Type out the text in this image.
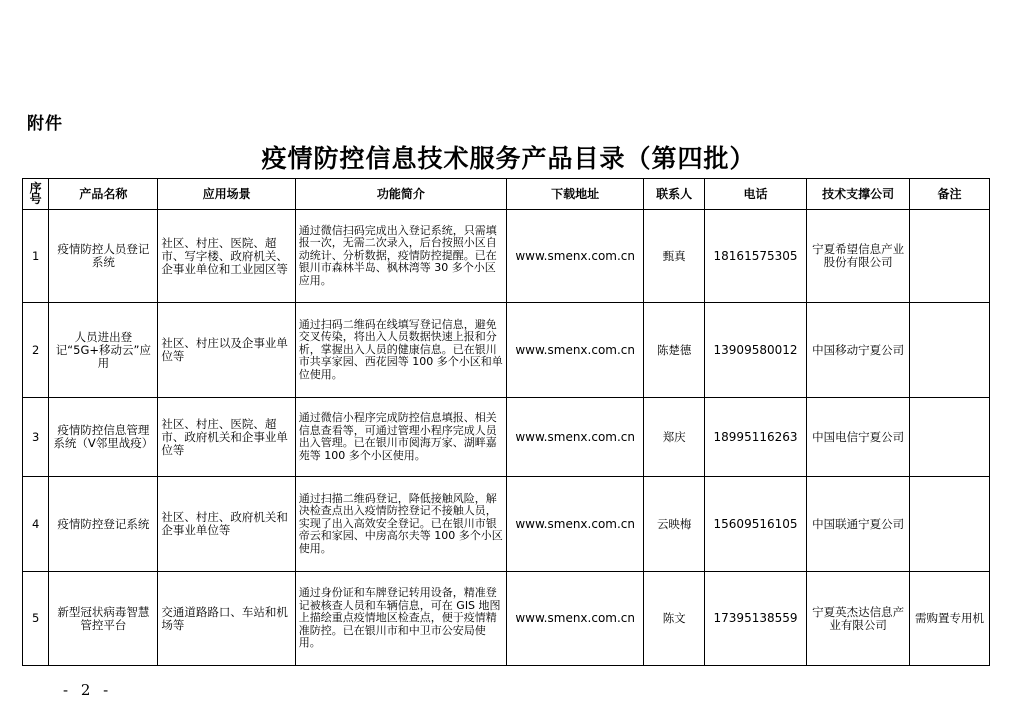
附件
疫情防控信息技术服务产品目录（第四批）
序号	产品名称	应用场景	功能简介	下载地址	联系人	电话	技术支撑公司	备注
1	疫情防控人员登记系统	社区、村庄、医院、超市、写字楼、政府机关、企事业单位和工业园区等	通过微信扫码完成出入登记系统，只需填报一次，无需二次录入，后台按照小区自动统计、分析数据，疫情防控提醒。已在银川市森林半岛、枫林湾等 30 多个小区应用。	www.smenx.com.cn	甄真	18161575305	宁夏希望信息产业股份有限公司	
2	人员进出登记“5G+移动云”应用	社区、村庄以及企事业单位等	通过扫码二维码在线填写登记信息，避免交叉传染，将出入人员数据快速上报和分析，掌握出入人员的健康信息。已在银川市共享家园、西花园等 100 多个小区和单位使用。	www.smenx.com.cn	陈楚德	13909580012	中国移动宁夏公司	
3	疫情防控信息管理系统（V邻里战疫）	社区、村庄、医院、超市、政府机关和企事业单位等	通过微信小程序完成防控信息填报、相关信息查看等，可通过管理小程序完成人员出入管理。已在银川市阅海万家、湖畔嘉苑等 100 多个小区使用。	www.smenx.com.cn	郑庆	18995116263	中国电信宁夏公司	
4	疫情防控登记系统	社区、村庄、政府机关和企事业单位等	通过扫描二维码登记，降低接触风险，解决检查点出入疫情防控登记不接触人员，实现了出入高效安全登记。已在银川市银帝云和家园、中房高尔夫等 100 多个小区使用。	www.smenx.com.cn	云映梅	15609516105	中国联通宁夏公司	
5	新型冠状病毒智慧管控平台	交通道路路口、车站和机场等	通过身份证和车牌登记转用设备，精准登记被核查人员和车辆信息，可在 GIS 地图上描绘重点疫情地区检查点，便于疫情精准防控。已在银川市和中卫市公安局使用。	www.smenx.com.cn	陈文	17395138559	宁夏英杰达信息产业有限公司	需购置专用机
- 2 -
